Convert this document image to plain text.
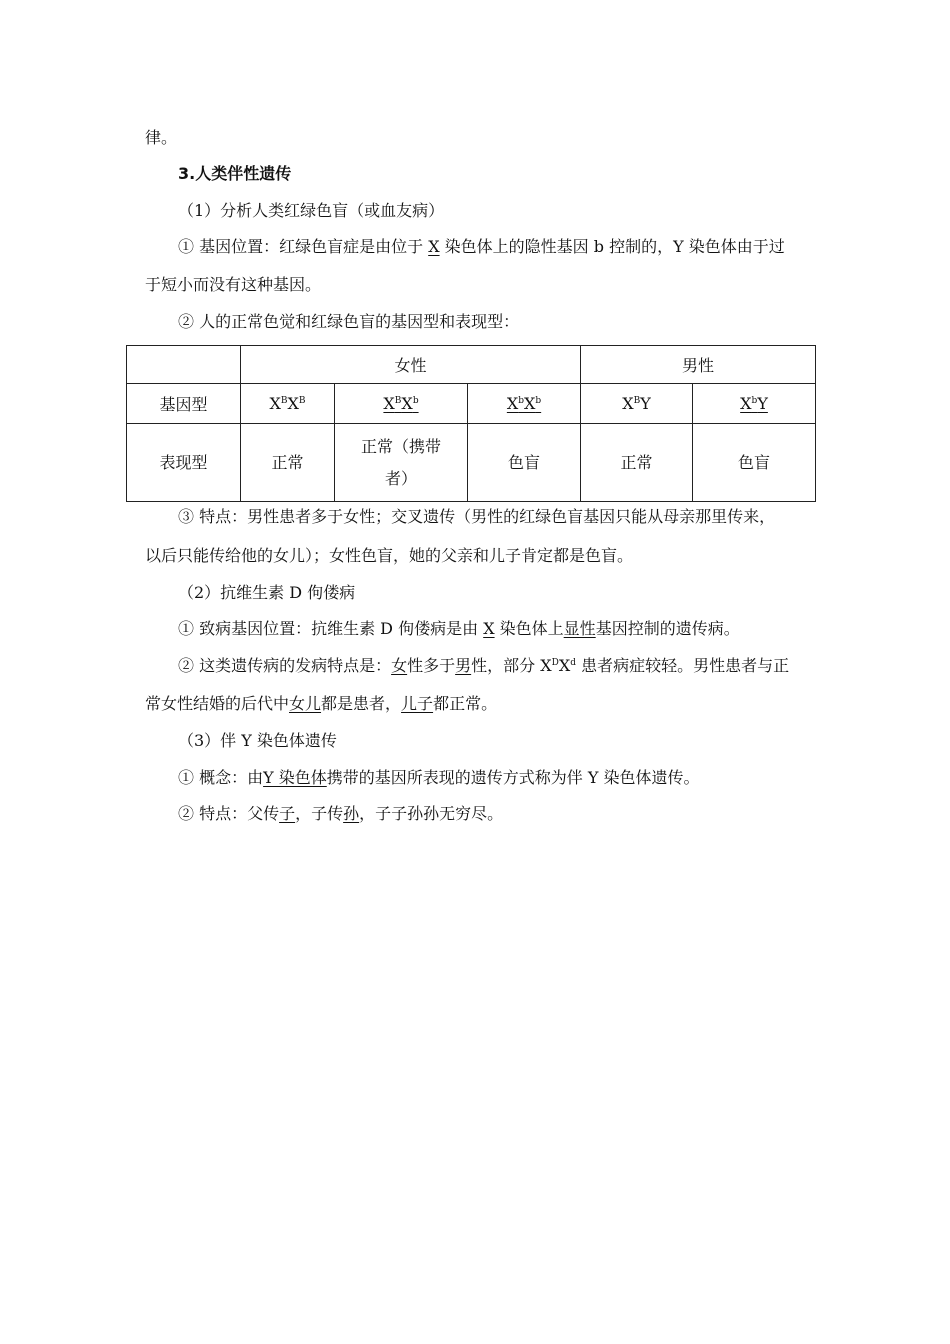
律。
3.人类伴性遗传
（1）分析人类红绿色盲（或血友病）
① 基因位置：红绿色盲症是由位于 X 染色体上的隐性基因 b 控制的，Y 染色体由于过
于短小而没有这种基因。
② 人的正常色觉和红绿色盲的基因型和表现型：
	女性			男性	
基因型	$X^BX^B$	$X^BX^b$	$X^bX^b$	$X^BY$	$X^bY$
表现型	正常	正常（携带
者）	色盲	正常	色盲
③ 特点：男性患者多于女性；交叉遗传（男性的红绿色盲基因只能从母亲那里传来，
以后只能传给他的女儿）；女性色盲，她的父亲和儿子肯定都是色盲。
（2）抗维生素 D 佝偻病
① 致病基因位置：抗维生素 D 佝偻病是由 X 染色体上显性基因控制的遗传病。
② 这类遗传病的发病特点是：女性多于男性，部分 $X^DX^d$ 患者病症较轻。男性患者与正
常女性结婚的后代中女儿都是患者，儿子都正常。
（3）伴 Y 染色体遗传
① 概念：由Y 染色体携带的基因所表现的遗传方式称为伴 Y 染色体遗传。
② 特点：父传子，子传孙，子子孙孙无穷尽。
